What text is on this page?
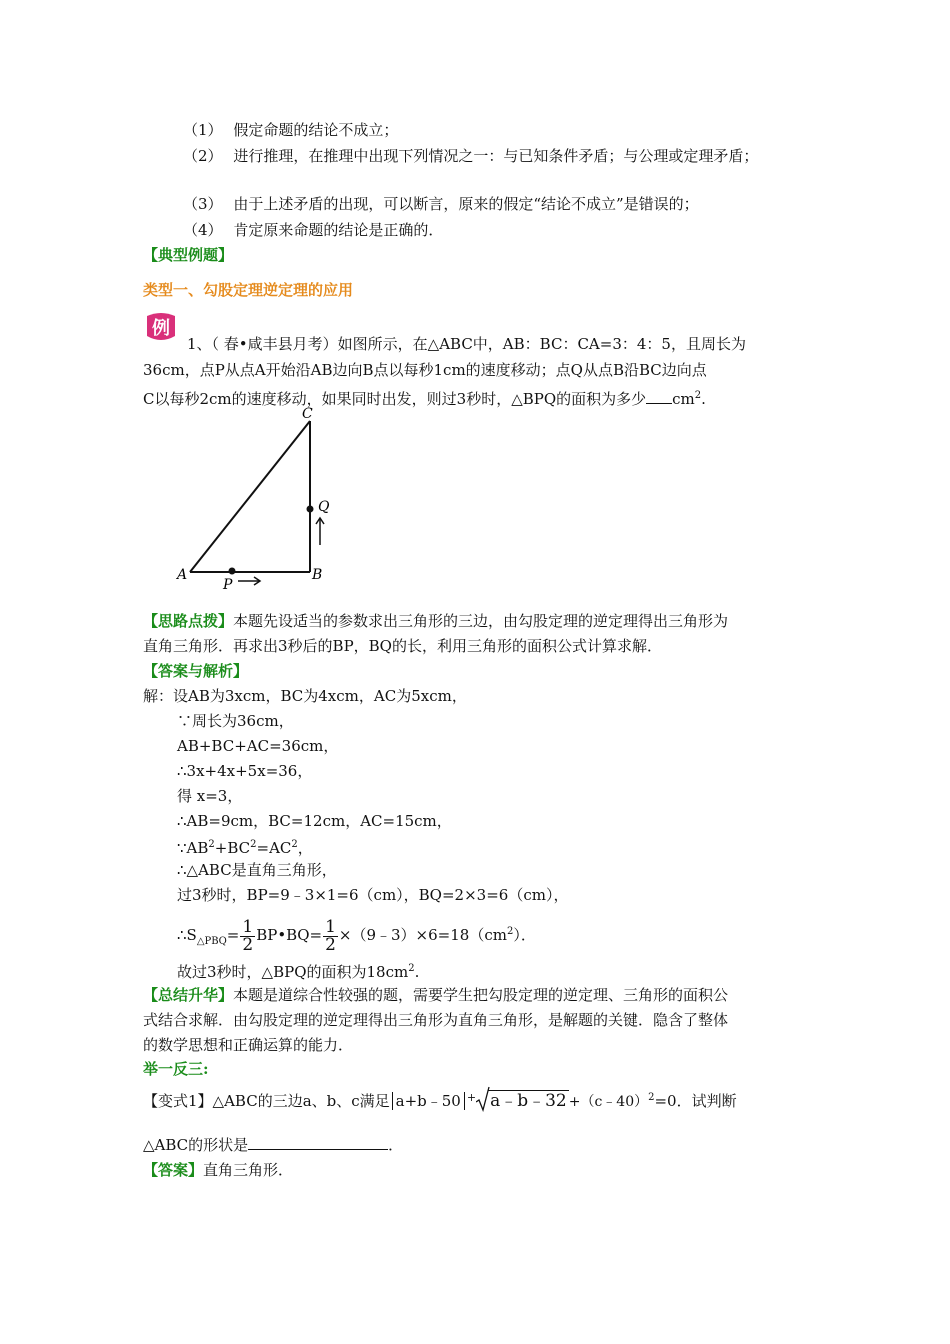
（1） 假定命题的结论不成立；
（2） 进行推理，在推理中出现下列情况之一：与已知条件矛盾；与公理或定理矛盾；
（3） 由于上述矛盾的出现，可以断言，原来的假定“结论不成立”是错误的；
（4） 肯定原来命题的结论是正确的．
【典型例题】
类型一、勾股定理逆定理的应用
例
1、（ 春•咸丰县月考）如图所示，在△ABC中，AB：BC：CA=3：4：5，且周长为
36cm，点P从点A开始沿AB边向B点以每秒1cm的速度移动；点Q从点B沿BC边向点
C以每秒2cm的速度移动，如果同时出发，则过3秒时，△BPQ的面积为多少 $cm^2$.
A	B
C
P
Q
【思路点拨】本题先设适当的参数求出三角形的三边，由勾股定理的逆定理得出三角形为
直角三角形．再求出3秒后的BP，BQ的长，利用三角形的面积公式计算求解．
【答案与解析】
解：设AB为3xcm，BC为4xcm，AC为5xcm，
∵周长为36cm，
AB+BC+AC=36cm，
∴3x+4x+5x=36，
得 x=3，
∴AB=9cm，BC=12cm，AC=15cm，
$\because AB^2+BC^2=AC^2$，
∴△ABC是直角三角形，
过3秒时，BP=9﹣3×1=6（cm），BQ=2×3=6（cm），
$\therefore S_{\triangle PBQ}= \frac{1}{2}$ BP•BQ= $\frac{1}{2}$ $\times(9﹣3)\times 6=18(cm^2)$．
故过3秒时，△BPQ的面积为$18cm^2$.
【总结升华】本题是道综合性较强的题，需要学生把勾股定理的逆定理、三角形的面积公
式结合求解．由勾股定理的逆定理得出三角形为直角三角形，是解题的关键．隐含了整体
的数学思想和正确运算的能力．
举一反三:
【变式1】△ABC的三边a、b、c满足 a+b﹣50 + a﹣b﹣32 +（c﹣40）$^2$=0．试判断
△ABC的形状是	．
【答案】直角三角形．
